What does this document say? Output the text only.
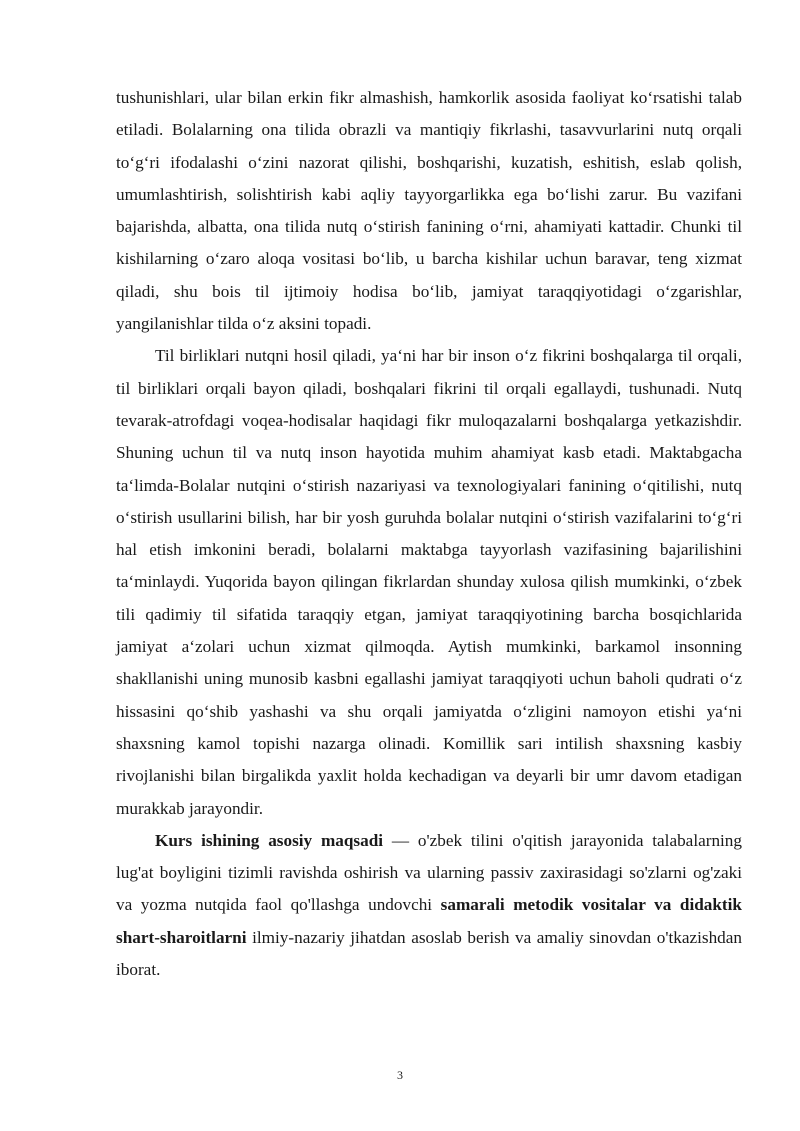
tushunishlari, ular bilan erkin fikr almashish, hamkorlik asosida faoliyat koʻrsatishi talab etiladi. Bolalarning ona tilida obrazli va mantiqiy fikrlashi, tasavvurlarini nutq orqali toʻgʻri ifodalashi oʻzini nazorat qilishi, boshqarishi, kuzatish, eshitish, eslab qolish, umumlashtirish, solishtirish kabi aqliy tayyorgarlikka ega boʻlishi zarur. Bu vazifani bajarishda, albatta, ona tilida nutq oʻstirish fanining oʻrni, ahamiyati kattadir. Chunki til kishilarning oʻzaro aloqa vositasi boʻlib, u barcha kishilar uchun baravar, teng xizmat qiladi, shu bois til ijtimoiy hodisa boʻlib, jamiyat taraqqiyotidagi oʻzgarishlar, yangilanishlar tilda oʻz aksini topadi.

Til birliklari nutqni hosil qiladi, yaʻni har bir inson oʻz fikrini boshqalarga til orqali, til birliklari orqali bayon qiladi, boshqalari fikrini til orqali egallaydi, tushunadi. Nutq tevarak-atrofdagi voqea-hodisalar haqidagi fikr muloqazalarni boshqalarga yetkazishdir. Shuning uchun til va nutq inson hayotida muhim ahamiyat kasb etadi. Maktabgacha taʻlimda-Bolalar nutqini oʻstirish nazariyasi va texnologiyalari fanining oʻqitilishi, nutq oʻstirish usullarini bilish, har bir yosh guruhda bolalar nutqini oʻstirish vazifalarini toʻgʻri hal etish imkonini beradi, bolalarni maktabga tayyorlash vazifasining bajarilishini taʻminlaydi. Yuqorida bayon qilingan fikrlardan shunday xulosa qilish mumkinki, oʻzbek tili qadimiy til sifatida taraqqiy etgan, jamiyat taraqqiyotining barcha bosqichlarida jamiyat aʻzolari uchun xizmat qilmoqda. Aytish mumkinki, barkamol insonning shakllanishi uning munosib kasbni egallashi jamiyat taraqqiyoti uchun baholi qudrati oʻz hissasini qoʻshib yashashi va shu orqali jamiyatda oʻzligini namoyon etishi yaʻni shaxsning kamol topishi nazarga olinadi. Komillik sari intilish shaxsning kasbiy rivojlanishi bilan birgalikda yaxlit holda kechadigan va deyarli bir umr davom etadigan murakkab jarayondir.

Kurs ishining asosiy maqsadi — o'zbek tilini o'qitish jarayonida talabalarning lug'at boyligini tizimli ravishda oshirish va ularning passiv zaxirasidagi so'zlarni og'zaki va yozma nutqida faol qo'llashga undovchi samarali metodik vositalar va didaktik shart-sharoitlarni ilmiy-nazariy jihatdan asoslab berish va amaliy sinovdan o'tkazishdan iborat.

3
